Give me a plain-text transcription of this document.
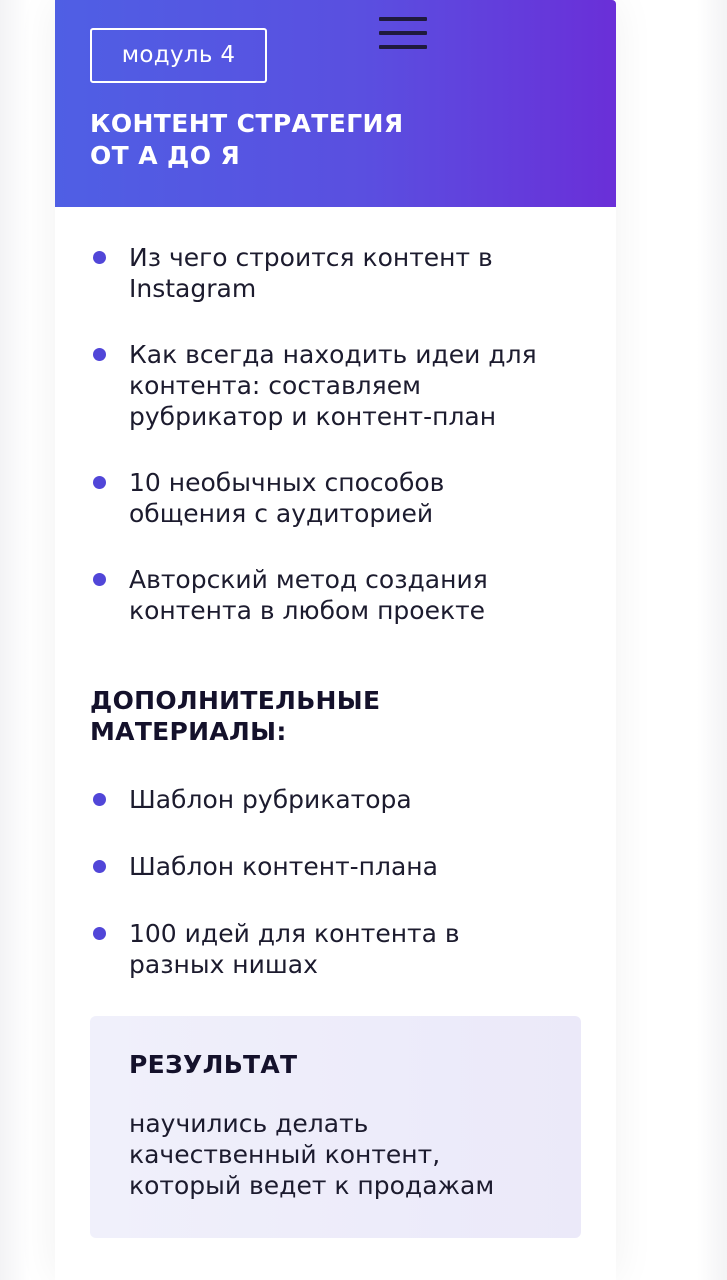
модуль 4
КОНТЕНТ СТРАТЕГИЯ
ОТ А ДО Я
Из чего строится контент в Instagram
Как всегда находить идеи для контента: составляем рубрикатор и контент-план
10 необычных способов общения с аудиторией
Авторский метод создания контента в любом проекте
ДОПОЛНИТЕЛЬНЫЕ
МАТЕРИАЛЫ:
Шаблон рубрикатора
Шаблон контент-плана
100 идей для контента в разных нишах
РЕЗУЛЬТАТ

научились делать качественный контент, который ведет к продажам
